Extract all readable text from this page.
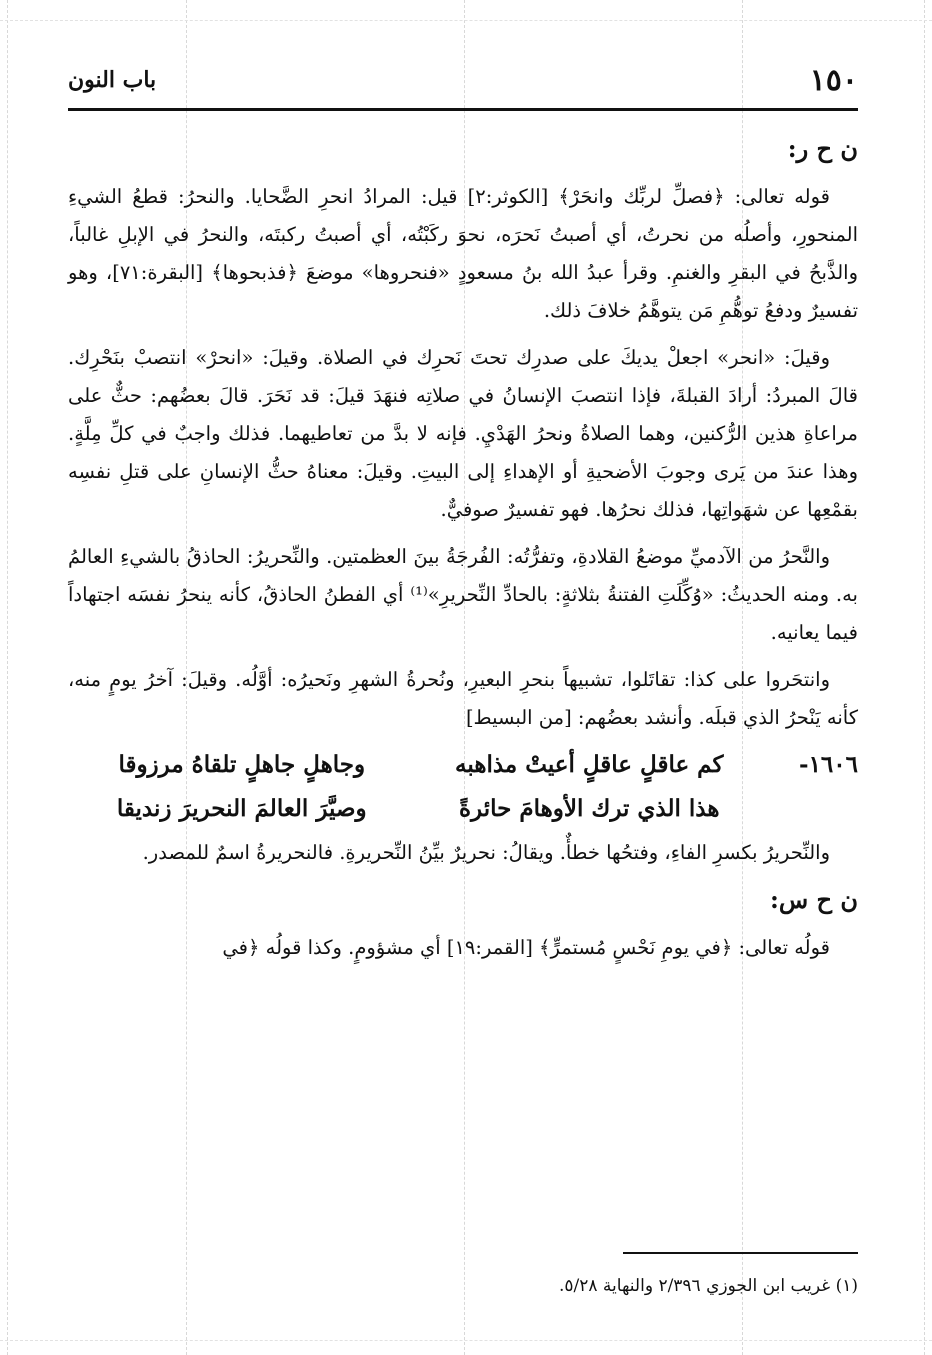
١٥٠
باب النون
ن ح ر:

قوله تعالى: ﴿فصلِّ لربِّك وانحَرْ﴾ [الكوثر:٢] قيل: المرادُ انحرِ الضَّحايا. والنحرُ: قطعُ الشيءِ المنحورِ، وأصلُه من نحرتُ، أي أصبتُ نَحرَه، نحوَ ركَبْتُه، أي أصبتُ ركبتَه، والنحرُ في الإبلِ غالباً، والذَّبحُ في البقرِ والغنمِ. وقرأ عبدُ الله بنُ مسعودٍ «فنحروها» موضعَ ﴿فذبحوها﴾ [البقرة:٧١]، وهو تفسيرٌ ودفعُ توهُّمِ مَن يتوهَّمُ خلافَ ذلك.

وقيلَ: «انحر» اجعلْ يديكَ على صدرِك تحتَ نَحرِك في الصلاة. وقيلَ: «انحرْ» انتصبْ بنَحْرِك. قالَ المبردُ: أرادَ القبلةَ، فإذا انتصبَ الإنسانُ في صلاتِه فنهَدَ قيلَ: قد نَحَرَ. قالَ بعضُهم: حثٌّ على مراعاةِ هذين الرُّكنين، وهما الصلاةُ ونحرُ الهَدْيِ. فإنه لا بدَّ من تعاطيهما. فذلك واجبٌ في كلِّ مِلَّةٍ. وهذا عندَ من يَرى وجوبَ الأضحيةِ أو الإهداءِ إلى البيتِ. وقيلَ: معناهُ حثُّ الإنسانِ على قتلِ نفسِه بقمْعِها عن شهَواتِها، فذلك نحرُها. فهو تفسيرٌ صوفيٌّ.

والنَّحرُ من الآدميِّ موضعُ القلادةِ، وتفرُّتُه: الفُرجَةُ بينَ العظمتين. والنِّحريرُ: الحاذقُ بالشيءِ العالمُ به. ومنه الحديثُ: «وُكِّلَتِ الفتنةُ بثلاثةٍ: بالحادِّ النِّحريرِ»⁽¹⁾ أي الفطنُ الحاذقُ، كأنه ينحرُ نفسَه اجتهاداً فيما يعانيه.

وانتحَروا على كذا: تقاتَلوا، تشبيهاً بنحرِ البعيرِ، ونُحرةُ الشهرِ ونَحيرُه: أوَّلُه. وقيلَ: آخرُ يومٍ منه، كأنه يَنْحرُ الذي قبلَه. وأنشد بعضُهم: [من البسيط]

١٦٠٦-
كم عاقلٍ عاقلٍ أعيتْ مذاهبه
وجاهلٍ جاهلٍ تلقاهُ مرزوقا
هذا الذي ترك الأوهامَ حائرةً
وصيَّرَ العالمَ النحريرَ زنديقا

والنِّحريرُ بكسرِ الفاءِ، وفتحُها خطأٌ. ويقالُ: نحريرٌ بيِّنُ النِّحريرةِ. فالنحريرةُ اسمٌ للمصدر.

ن ح س:

قولُه تعالى: ﴿في يومِ نَحْسٍ مُستمرٍّ﴾ [القمر:١٩] أي مشؤومٍ. وكذا قولُه ﴿في

(١) غريب ابن الجوزي ٢/٣٩٦ والنهاية ٥/٢٨.
